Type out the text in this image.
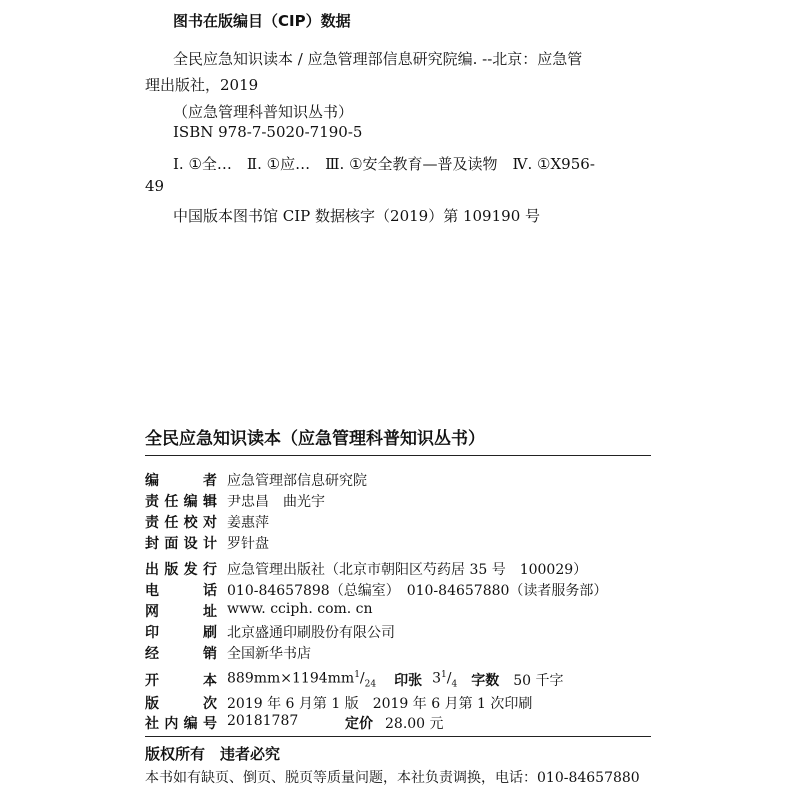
图书在版编目（CIP）数据
全民应急知识读本 / 应急管理部信息研究院编. --北京：应急管
理出版社，2019
（应急管理科普知识丛书）
ISBN 978-7-5020-7190-5
Ⅰ. ①全…　Ⅱ. ①应…　Ⅲ. ①安全教育—普及读物　Ⅳ. ①X956-
49
中国版本图书馆 CIP 数据核字（2019）第 109190 号
全民应急知识读本（应急管理科普知识丛书）
编　　者 应急管理部信息研究院
责任编辑 尹忠昌　曲光宇
责任校对 姜惠萍
封面设计 罗针盘
出版发行 应急管理出版社（北京市朝阳区芍药居 35 号　100029）
电　　话 010-84657898（总编室）　010-84657880（读者服务部）
网　　址 www. cciph. com. cn
印　　刷 北京盛通印刷股份有限公司
经　　销 全国新华书店
开　　本 $889mm\times 1194mm^1/_{24}$ 印张 $3^1/_4$ 字数 50 千字
版　　次 2019 年 6 月第 1 版　2019 年 6 月第 1 次印刷
社内编号 20181787	定价 28.00 元
版权所有　违者必究
本书如有缺页、倒页、脱页等质量问题，本社负责调换，电话：010-84657880
